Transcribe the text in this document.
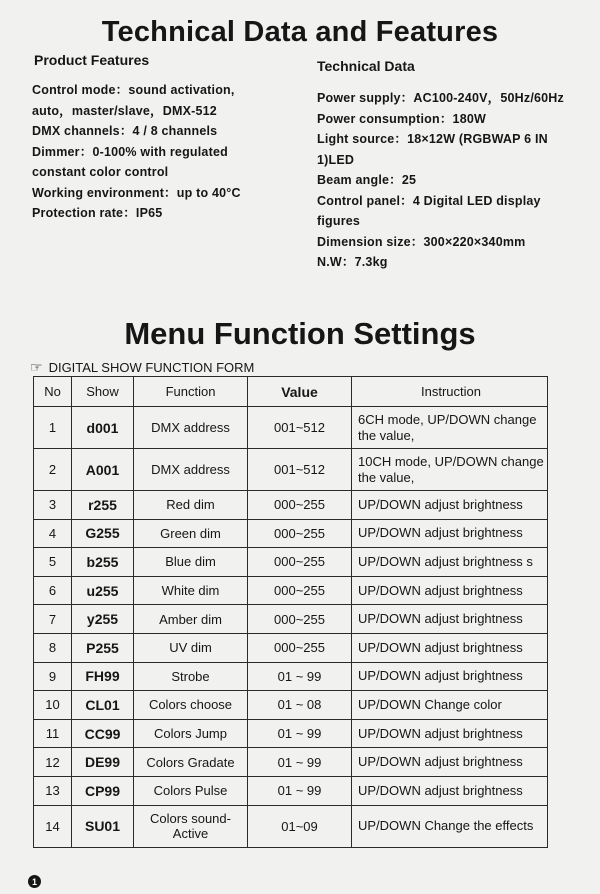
Technical Data and Features
Product Features

Control mode：sound activation,

auto，master/slave，DMX-512

DMX channels：4 / 8 channels

Dimmer：0-100% with regulated

constant color control

Working environment：up to 40°C

Protection rate：IP65

Technical Data

Power supply：AC100-240V，50Hz/60Hz

Power consumption：180W

Light source：18×12W (RGBWAP 6 IN

1)LED

Beam angle：25

Control panel：4 Digital LED display

figures

Dimension size：300×220×340mm

N.W：7.3kg

Menu Function Settings
☞ DIGITAL SHOW FUNCTION FORM
No	Show	Function	Value	Instruction
1	d001	DMX address	001~512	6CH mode, UP/DOWN change the value,
2	A001	DMX address	001~512	10CH mode, UP/DOWN change the value,
3	r255	Red dim	000~255	UP/DOWN adjust brightness
4	G255	Green dim	000~255	UP/DOWN adjust brightness
5	b255	Blue dim	000~255	UP/DOWN adjust brightness s
6	u255	White dim	000~255	UP/DOWN adjust brightness
7	y255	Amber dim	000~255	UP/DOWN adjust brightness
8	P255	UV dim	000~255	UP/DOWN adjust brightness
9	FH99	Strobe	01 ~ 99	UP/DOWN adjust brightness
10	CL01	Colors choose	01 ~ 08	UP/DOWN Change color
11	CC99	Colors Jump	01 ~ 99	UP/DOWN adjust brightness
12	DE99	Colors Gradate	01 ~ 99	UP/DOWN adjust brightness
13	CP99	Colors Pulse	01 ~ 99	UP/DOWN adjust brightness
14	SU01	Colors sound-Active	01~09	UP/DOWN Change the effects
1
